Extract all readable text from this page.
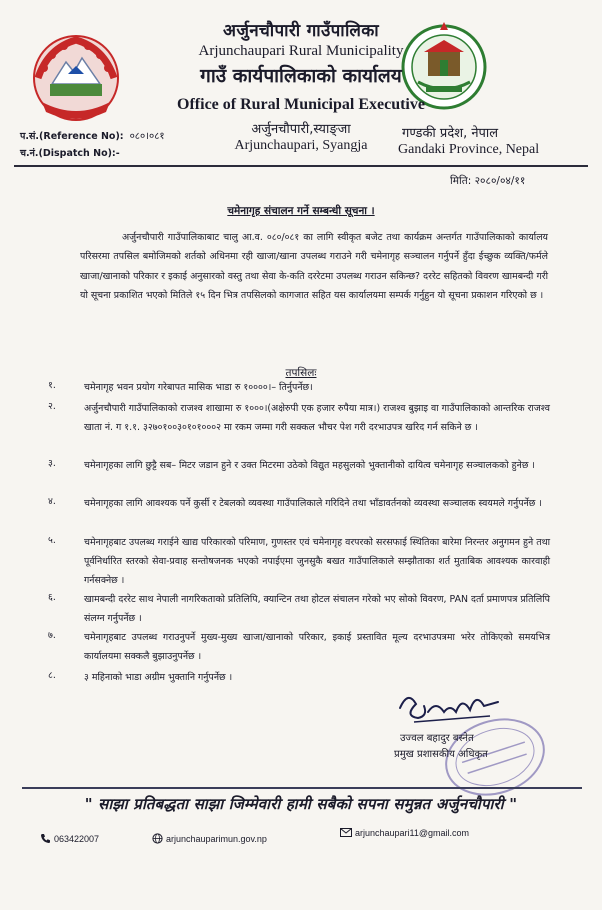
अर्जुनचौपारी गाउँपालिका
Arjunchaupari Rural Municipality
गाउँ कार्यपालिकाको कार्यालय
Office of Rural Municipal Executive
अर्जुनचौपारी,स्याङ्जा
Arjunchaupari, Syangja
प.सं.(Reference No): ०८०।०८१
च.नं.(Dispatch No):-
गण्डकी प्रदेश, नेपाल
Gandaki Province, Nepal
मिति: २०८०/०४/११
चमेनागृह संचालन गर्ने सम्बन्धी सूचना ।

अर्जुनचौपारी गाउँपालिकाबाट चालु आ.व. ०८०/०८१ का लागि स्वीकृत बजेट तथा कार्यक्रम अन्तर्गत गाउँपालिकाको कार्यालय परिसरमा तपसिल बमोजिमको शर्तको अधिनमा रही खाजा/खाना उपलब्ध गराउने गरी चमेनागृह सञ्चालन गर्नुपर्ने हुँदा ईच्छुक व्यक्ति/फर्मले खाजा/खानाको परिकार र इकाई अनुसारको वस्तु तथा सेवा के-कति दररेटमा उपलब्ध गराउन सकिन्छ? दररेट सहितको विवरण खामबन्दी गरी यो सूचना प्रकाशित भएको मितिले १५ दिन भित्र तपसिलको कागजात सहित यस कार्यालयमा सम्पर्क गर्नुहुन यो सूचना प्रकाशन गरिएको छ ।

तपसिलः
१.	चमेनागृह भवन प्रयोग गरेबापत मासिक भाडा रु १००००।– तिर्नुपर्नेछ।
२.	अर्जुनचौपारी गाउँपालिकाको राजश्व शाखामा रु १०००।(अक्षेरुपी एक हजार रुपैया मात्र।) राजश्व बुझाइ वा गाउँपालिकाको आन्तरिक राजश्व खाता नं. ग १.१. ३२७०१००३०१०१०००२ मा रकम जम्मा गरी सक्कल भौचर पेश गरी दरभाउपत्र खरिद गर्न सकिने छ ।
३.	चमेनागृहका लागि छुट्टै सब– मिटर जडान हुने र उक्त मिटरमा उठेको विद्युत महसुलको भुक्तानीको दायित्व चमेनागृह सञ्चालकको हुनेछ ।
४.	चमेनागृहका लागि आवश्यक पर्ने कुर्सी र टेबलको व्यवस्था गाउँपालिकाले गरिदिने तथा भाँडावर्तनको व्यवस्था सञ्चालक स्वयमले गर्नुपर्नेछ ।
५.	चमेनागृहबाट उपलब्ध गराईने खाद्य परिकारको परिमाण, गुणस्तर एवं चमेनागृह वरपरको सरसफाई स्थितिका बारेमा निरन्तर अनुगमन हुने तथा पूर्वनिर्धारित स्तरको सेवा-प्रवाह सन्तोषजनक भएको नपाईएमा जुनसुकै बखत गाउँपालिकाले सम्झौताका शर्त मुताबिक आवश्यक कारवाही गर्नसक्नेछ ।
६.	खामबन्दी दररेट साथ नेपाली नागरिकताको प्रतिलिपि, क्यान्टिन तथा होटल संचालन गरेको भए सोको विवरण, PAN दर्ता प्रमाणपत्र प्रतिलिपि संलग्न गर्नुपर्नेछ ।
७.	चमेनागृहबाट उपलब्ध गराउनुपर्ने मुख्य-मुख्य खाजा/खानाको परिकार, इकाई प्रस्तावित मूल्य दरभाउपत्रमा भरेर तोकिएको समयभित्र कार्यालयमा सक्कलै बुझाउनुपर्नेछ ।
८.	३ महिनाको भाडा अग्रीम भुक्तानि गर्नुपर्नेछ ।
उज्वल बहादुर बस्नेत
प्रमुख प्रशासकीय अधिकृत
" साझा प्रतिबद्धता साझा जिम्मेवारी हामी सबैको सपना समुन्नत अर्जुनचौपारी "
063422007	arjunchauparimun.gov.np
arjunchaupari11@gmail.com
